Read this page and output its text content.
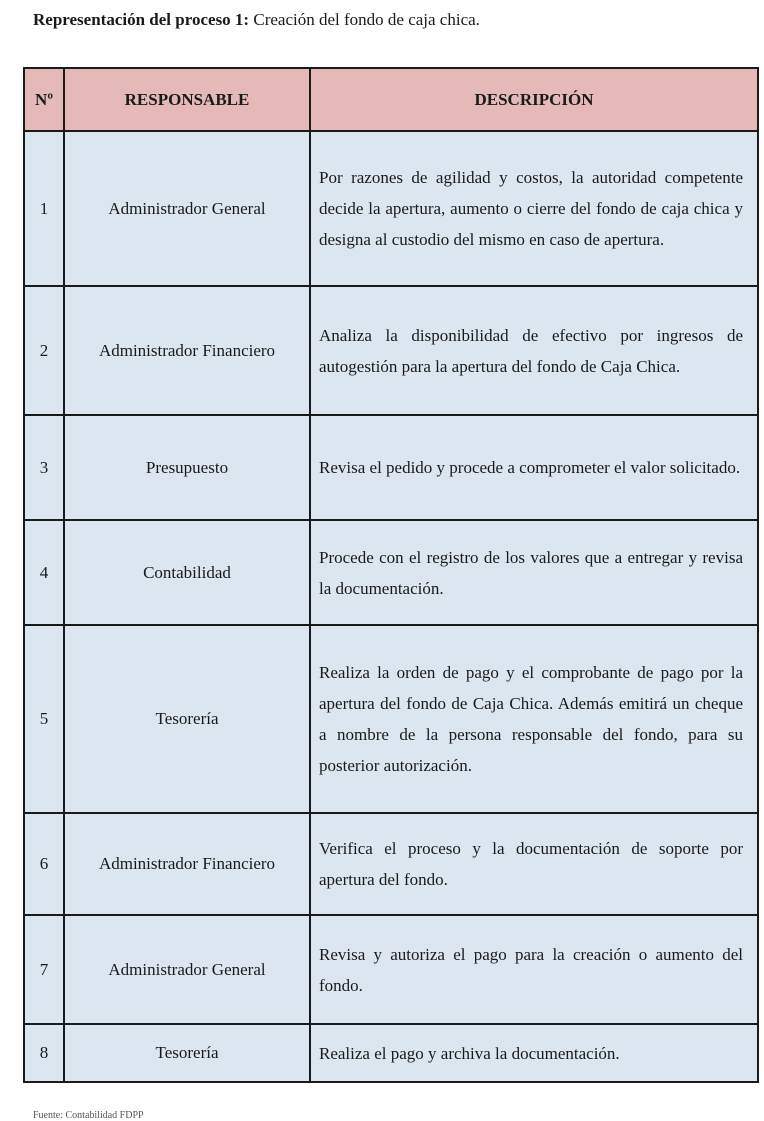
Representación del proceso 1: Creación del fondo de caja chica.
Nº	RESPONSABLE	DESCRIPCIÓN
1	Administrador General	Por razones de agilidad y costos, la autoridad competente decide la apertura, aumento o cierre del fondo de caja chica y designa al custodio del mismo en caso de apertura.
2	Administrador Financiero	Analiza la disponibilidad de efectivo por ingresos de autogestión para la apertura del fondo de Caja Chica.
3	Presupuesto	Revisa el pedido y procede a comprometer el valor solicitado.
4	Contabilidad	Procede con el registro de los valores que a entregar y revisa la documentación.
5	Tesorería	Realiza la orden de pago y el comprobante de pago por la apertura del fondo de Caja Chica. Además emitirá un cheque a nombre de la persona responsable del fondo, para su posterior autorización.
6	Administrador Financiero	Verifica el proceso y la documentación de soporte por apertura del fondo.
7	Administrador General	Revisa y autoriza el pago para la creación o aumento del fondo.
8	Tesorería	Realiza el pago y archiva la documentación.
Fuente: Contabilidad FDPP
